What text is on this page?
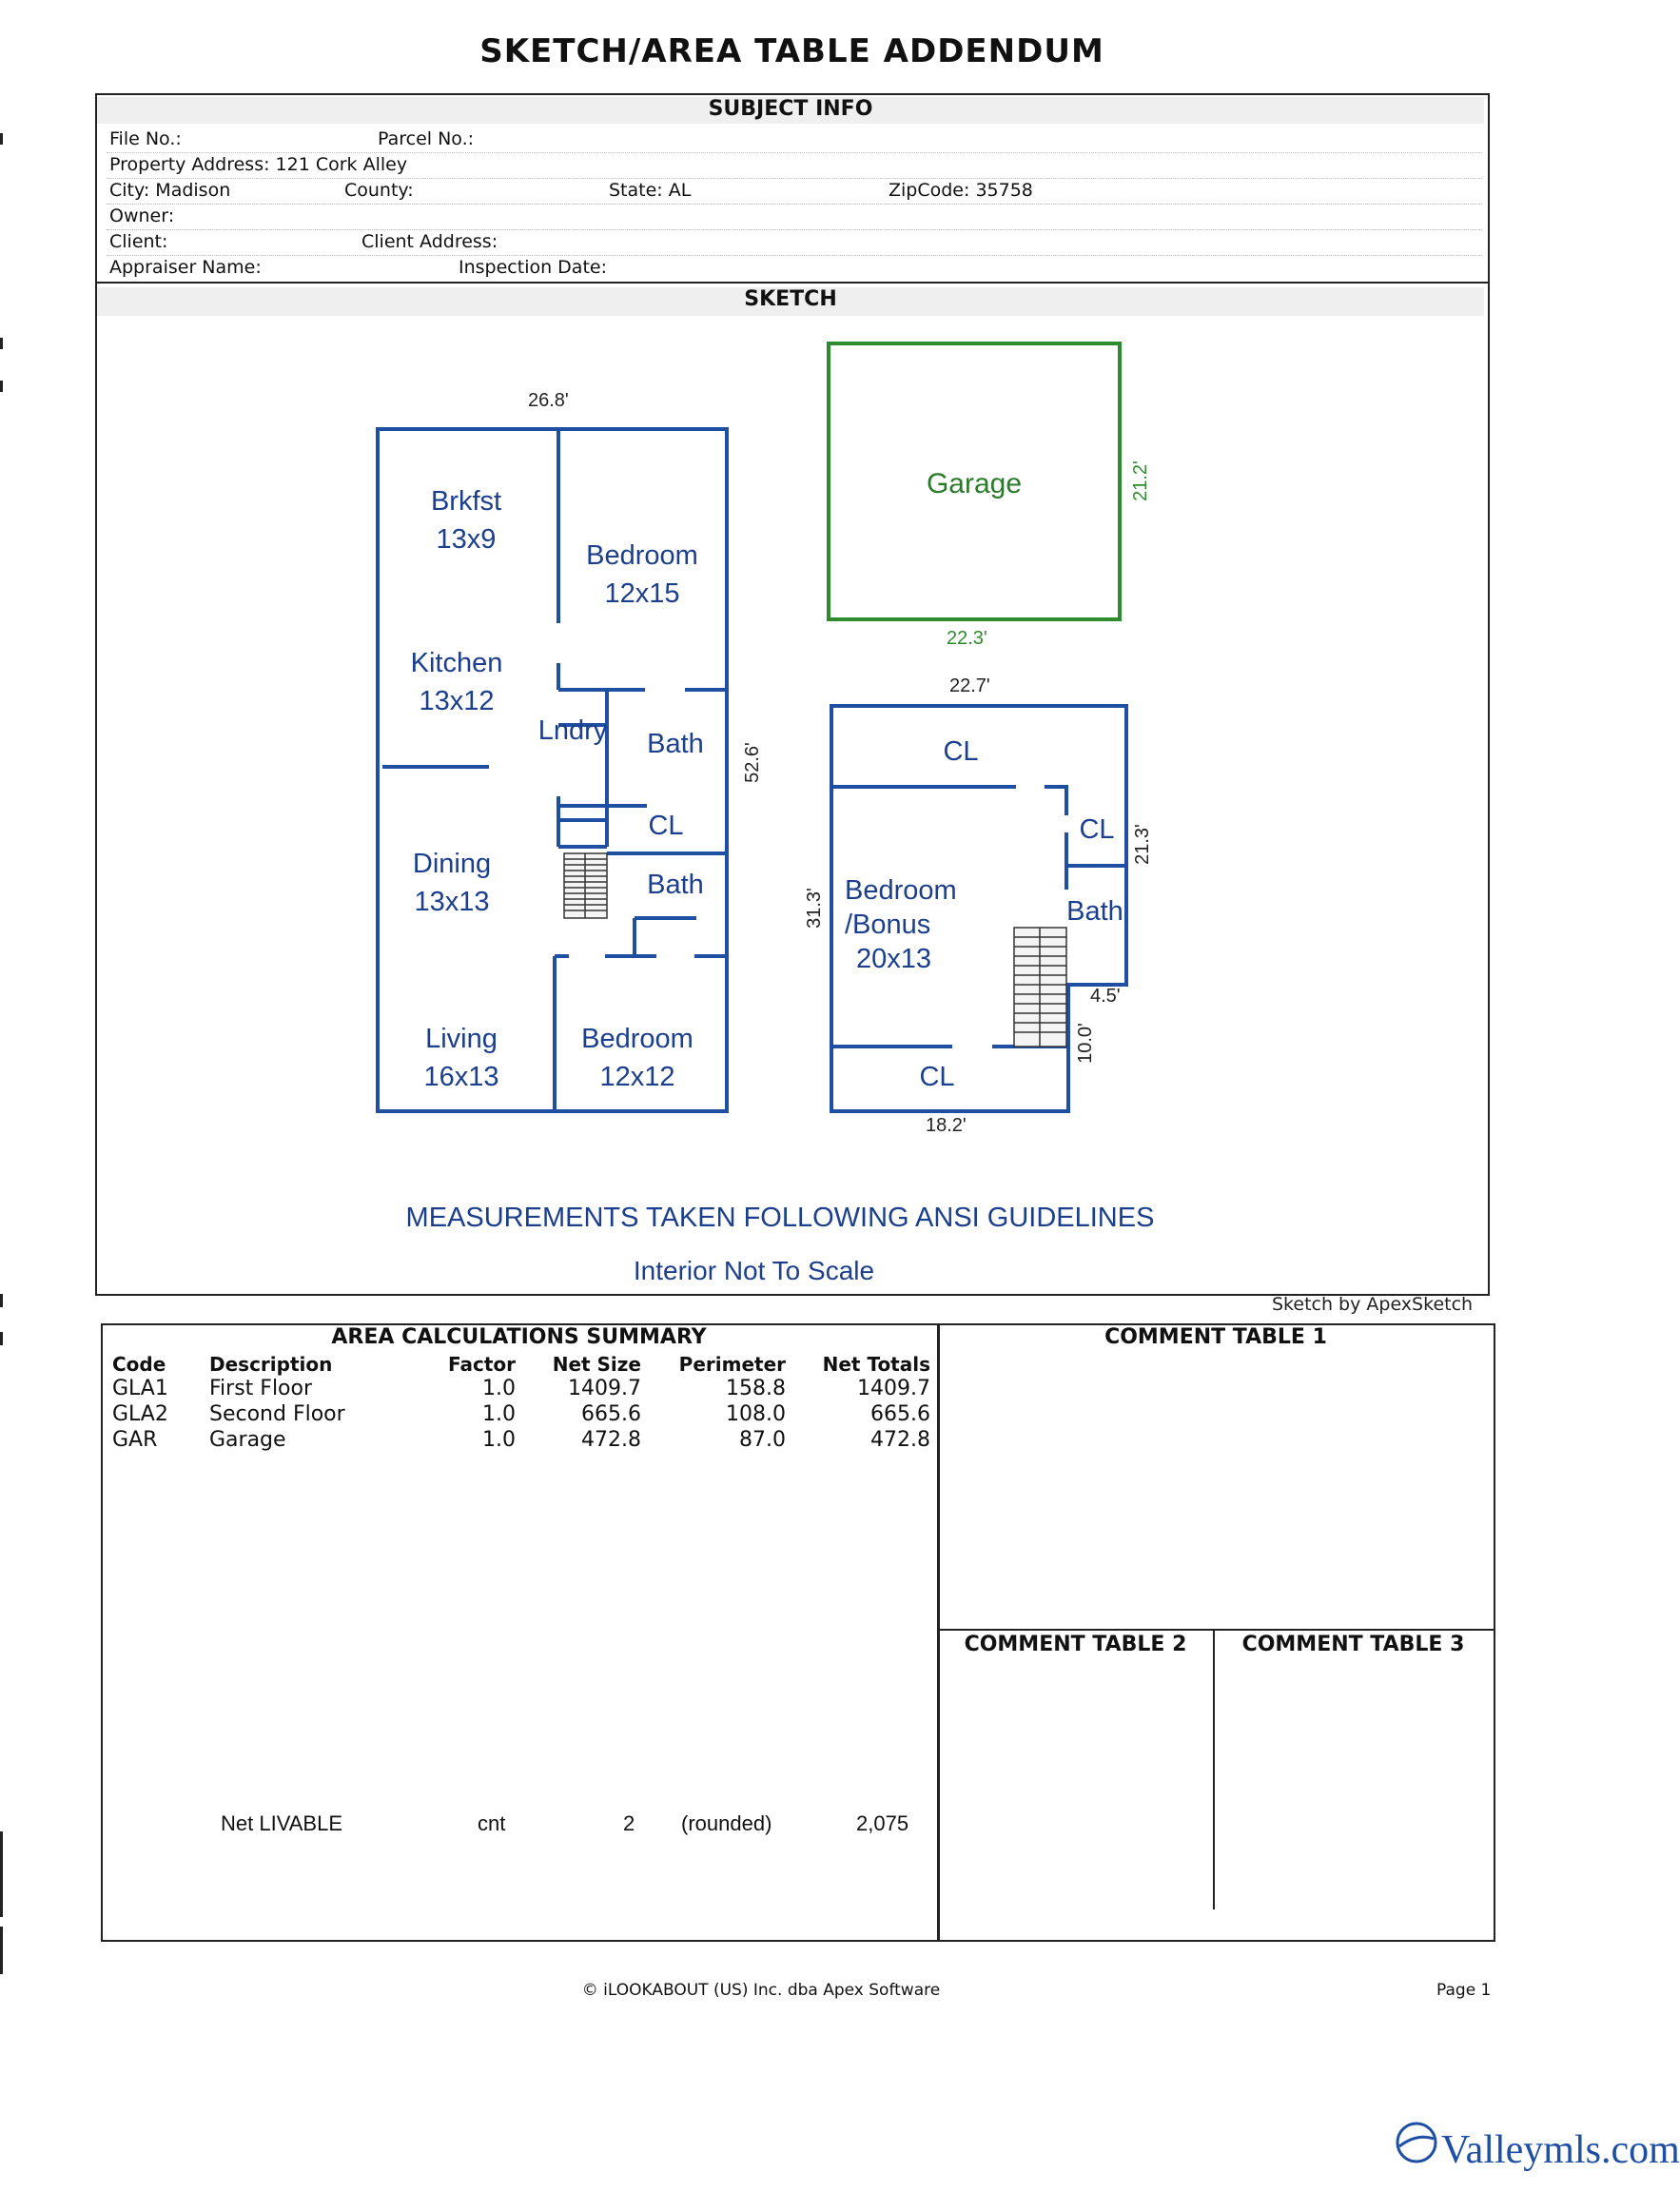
SKETCH/AREA TABLE ADDENDUM
SUBJECT INFO
File No.:	Parcel No.:
Property Address: 121 Cork Alley
City: Madison	County:	State: AL	ZipCode: 35758
Owner:
Client:	Client Address:
Appraiser Name:	Inspection Date:
SKETCH
26.8'
52.6'
Brkfst
13x9
Bedroom
12x15
Kitchen
13x12
Lndry	Bath
CL
Dining
13x13
Bath
Living
16x13
Bedroom
12x12
Garage	21.2'
22.3'
22.7'
31.3'
21.3'
4.5'
10.0'
18.2'
CL
CL
Bath
Bedroom
/Bonus
20x13
CL
MEASUREMENTS TAKEN FOLLOWING ANSI GUIDELINES
Interior Not To Scale
Sketch by ApexSketch
AREA CALCULATIONS SUMMARY
Code	Description	Factor	Net Size	Perimeter	Net Totals
GLA1	First Floor	1.0	1409.7	158.8	1409.7
GLA2	Second Floor	1.0	665.6	108.0	665.6
GAR	Garage	1.0	472.8	87.0	472.8
Net LIVABLE	cnt	2 (rounded)	2,075
COMMENT TABLE 1
COMMENT TABLE 2	COMMENT TABLE 3
© iLOOKABOUT (US) Inc. dba Apex Software	Page 1
Valleymls.com
